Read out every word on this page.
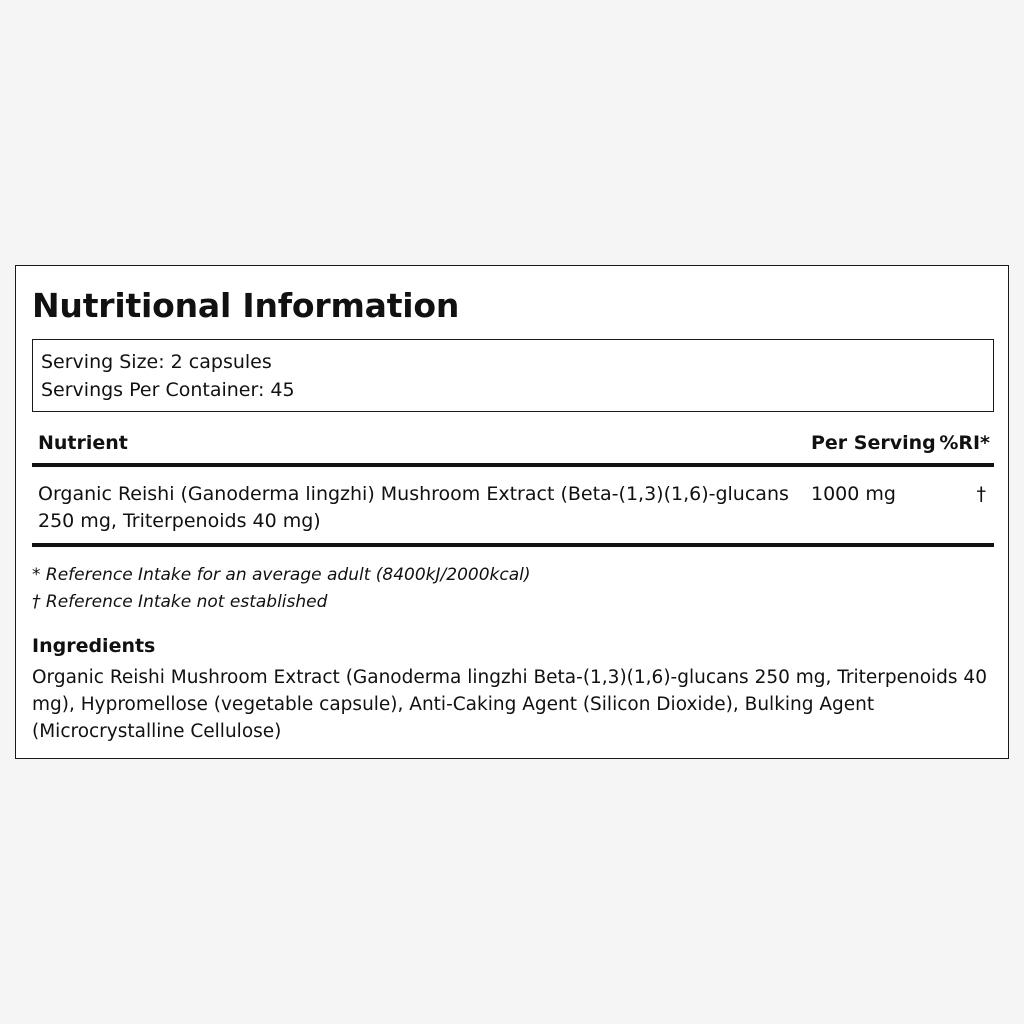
Nutritional Information
Serving Size: 2 capsules
Servings Per Container: 45
Nutrient	Per Serving %RI*
Organic Reishi (Ganoderma lingzhi) Mushroom Extract (Beta-(1,3)(1,6)-glucans 250 mg, Triterpenoids 40 mg)
1000 mg	†
* Reference Intake for an average adult (8400kJ/2000kcal)
† Reference Intake not established
Ingredients
Organic Reishi Mushroom Extract (Ganoderma lingzhi Beta-(1,3)(1,6)-glucans 250 mg, Triterpenoids 40 mg), Hypromellose (vegetable capsule), Anti-Caking Agent (Silicon Dioxide), Bulking Agent (Microcrystalline Cellulose)
